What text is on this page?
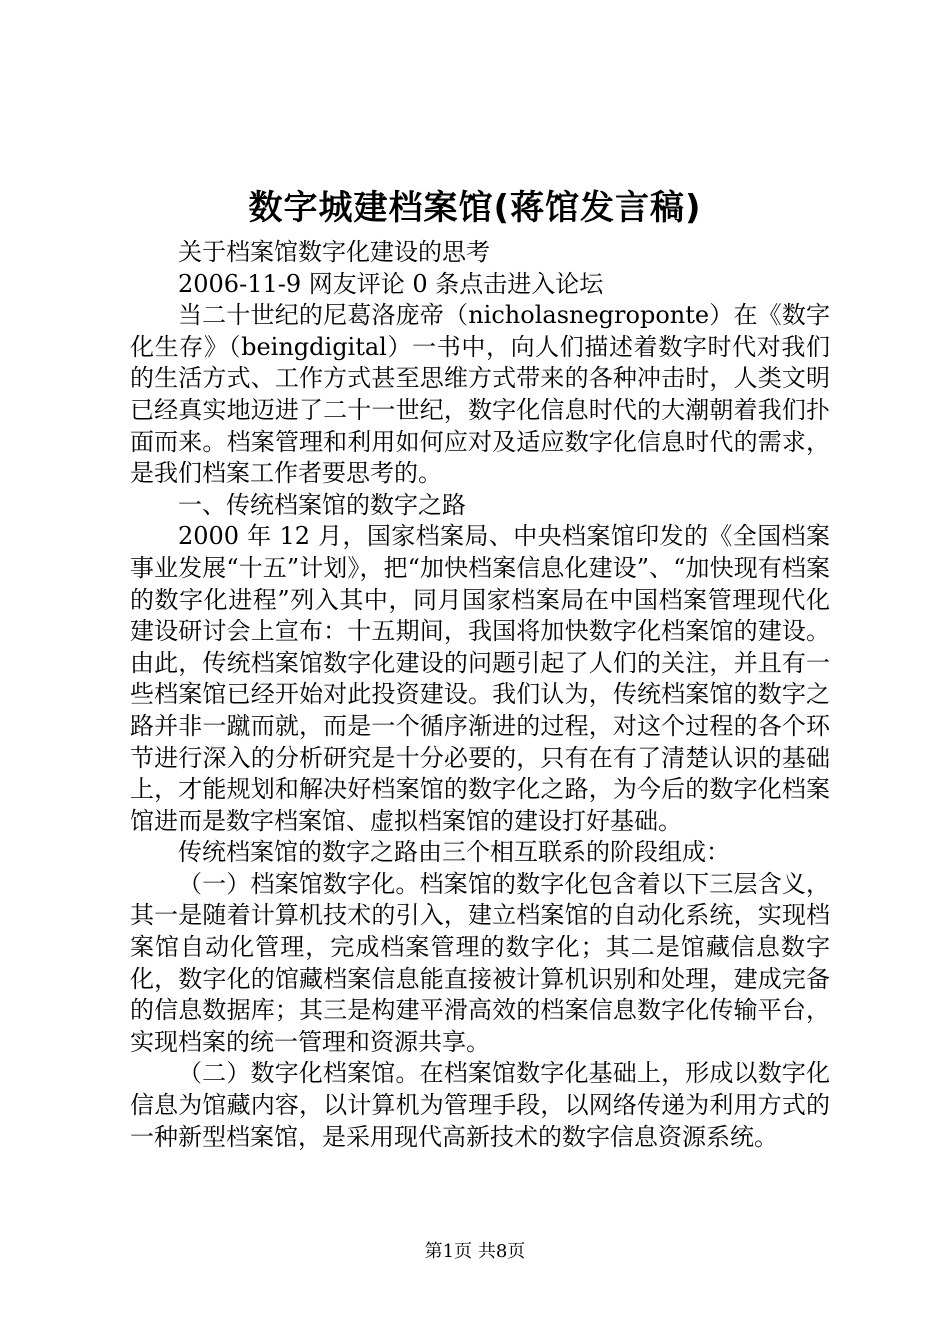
数字城建档案馆(蒋馆发言稿)

关于档案馆数字化建设的思考

2006-11-9 网友评论 0 条点击进入论坛

当二十世纪的尼葛洛庞帝（nicholasnegroponte）在《数字化生存》（beingdigital）一书中，向人们描述着数字时代对我们的生活方式、工作方式甚至思维方式带来的各种冲击时，人类文明已经真实地迈进了二十一世纪，数字化信息时代的大潮朝着我们扑面而来。档案管理和利用如何应对及适应数字化信息时代的需求，是我们档案工作者要思考的。

一、传统档案馆的数字之路

2000 年 12 月，国家档案局、中央档案馆印发的《全国档案事业发展“十五”计划》，把“加快档案信息化建设”、“加快现有档案的数字化进程”列入其中，同月国家档案局在中国档案管理现代化建设研讨会上宣布：十五期间，我国将加快数字化档案馆的建设。由此，传统档案馆数字化建设的问题引起了人们的关注，并且有一些档案馆已经开始对此投资建设。我们认为，传统档案馆的数字之路并非一蹴而就，而是一个循序渐进的过程，对这个过程的各个环节进行深入的分析研究是十分必要的，只有在有了清楚认识的基础上，才能规划和解决好档案馆的数字化之路，为今后的数字化档案馆进而是数字档案馆、虚拟档案馆的建设打好基础。

传统档案馆的数字之路由三个相互联系的阶段组成：

（一）档案馆数字化。档案馆的数字化包含着以下三层含义，其一是随着计算机技术的引入，建立档案馆的自动化系统，实现档案馆自动化管理，完成档案管理的数字化；其二是馆藏信息数字化，数字化的馆藏档案信息能直接被计算机识别和处理，建成完备的信息数据库；其三是构建平滑高效的档案信息数字化传输平台，实现档案的统一管理和资源共享。

（二）数字化档案馆。在档案馆数字化基础上，形成以数字化信息为馆藏内容，以计算机为管理手段，以网络传递为利用方式的一种新型档案馆，是采用现代高新技术的数字信息资源系统。

第1页 共8页
